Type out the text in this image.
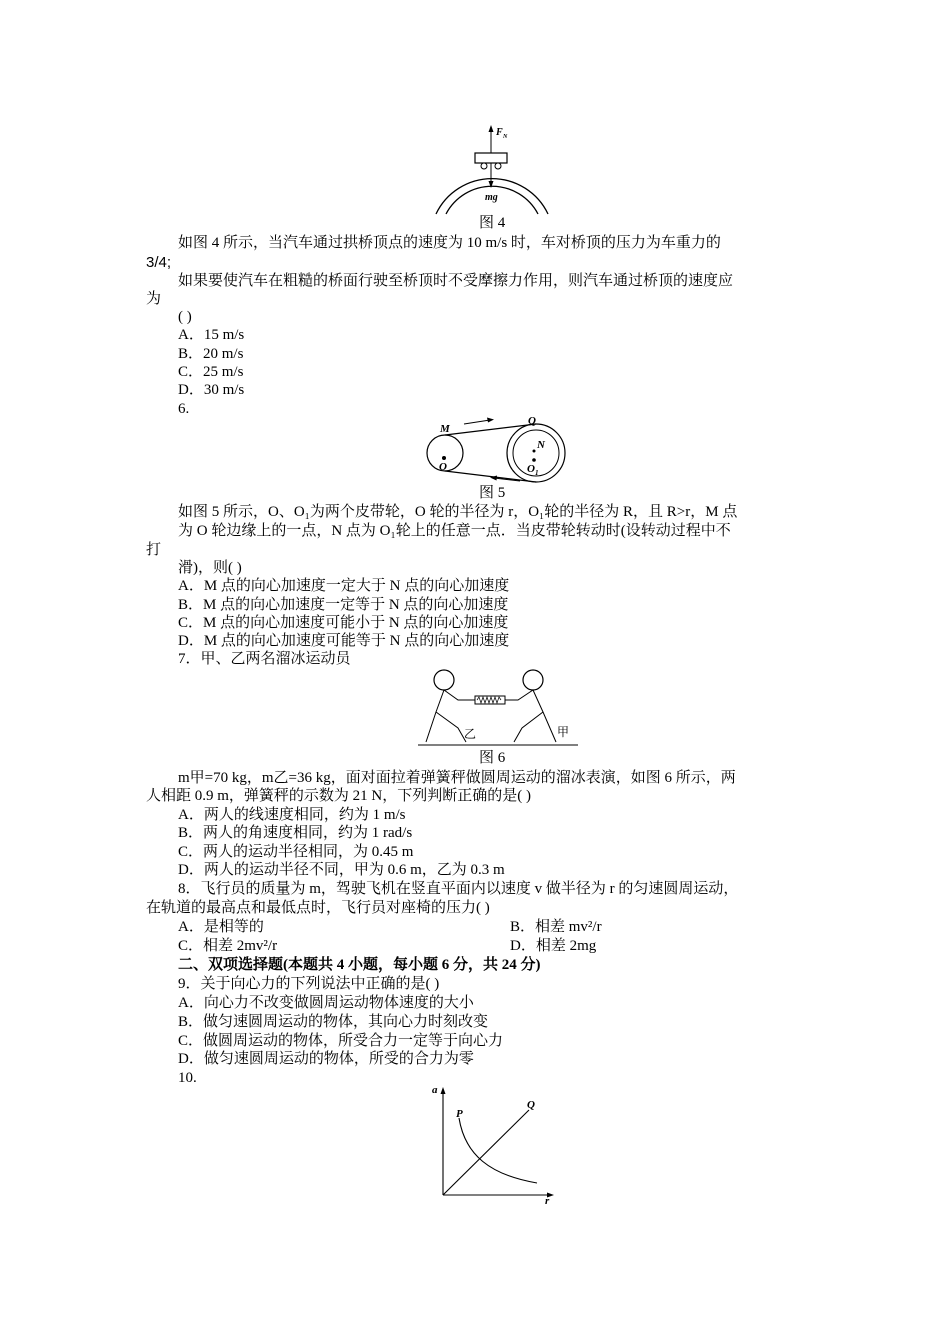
F N
mg
图 4
如图 4 所示，当汽车通过拱桥顶点的速度为 10 m/s 时，车对桥顶的压力为车重力的
3/4;
如果要使汽车在粗糙的桥面行驶至桥顶时不受摩擦力作用，则汽车通过桥顶的速度应
为
( )
A．15 m/s
B．20 m/s
C．25 m/s
D．30 m/s
6.
M
Q
N
O	O 1
图 5
如图 5 所示，O、O₁为两个皮带轮，O 轮的半径为 r，O₁轮的半径为 R，且 R>r，M 点
为 O 轮边缘上的一点，N 点为 O₁轮上的任意一点．当皮带轮转动时(设转动过程中不
打
滑)，则( )
A．M 点的向心加速度一定大于 N 点的向心加速度
B．M 点的向心加速度一定等于 N 点的向心加速度
C．M 点的向心加速度可能小于 N 点的向心加速度
D．M 点的向心加速度可能等于 N 点的向心加速度
7．甲、乙两名溜冰运动员
乙	甲
图 6
m甲=70 kg，m乙=36 kg，面对面拉着弹簧秤做圆周运动的溜冰表演，如图 6 所示，两
人相距 0.9 m，弹簧秤的示数为 21 N，下列判断正确的是( )
A．两人的线速度相同，约为 1 m/s
B．两人的角速度相同，约为 1 rad/s
C．两人的运动半径相同，为 0.45 m
D．两人的运动半径不同，甲为 0.6 m，乙为 0.3 m
8．飞行员的质量为 m，驾驶飞机在竖直平面内以速度 v 做半径为 r 的匀速圆周运动，
在轨道的最高点和最低点时，飞行员对座椅的压力( )
A．是相等的	B．相差 mv²/r
C．相差 2mv²/r	D．相差 2mg
二、双项选择题(本题共 4 小题，每小题 6 分，共 24 分)
9．关于向心力的下列说法中正确的是( )
A．向心力不改变做圆周运动物体速度的大小
B．做匀速圆周运动的物体，其向心力时刻改变
C．做圆周运动的物体，所受合力一定等于向心力
D．做匀速圆周运动的物体，所受的合力为零
10.
a
r
P
Q
